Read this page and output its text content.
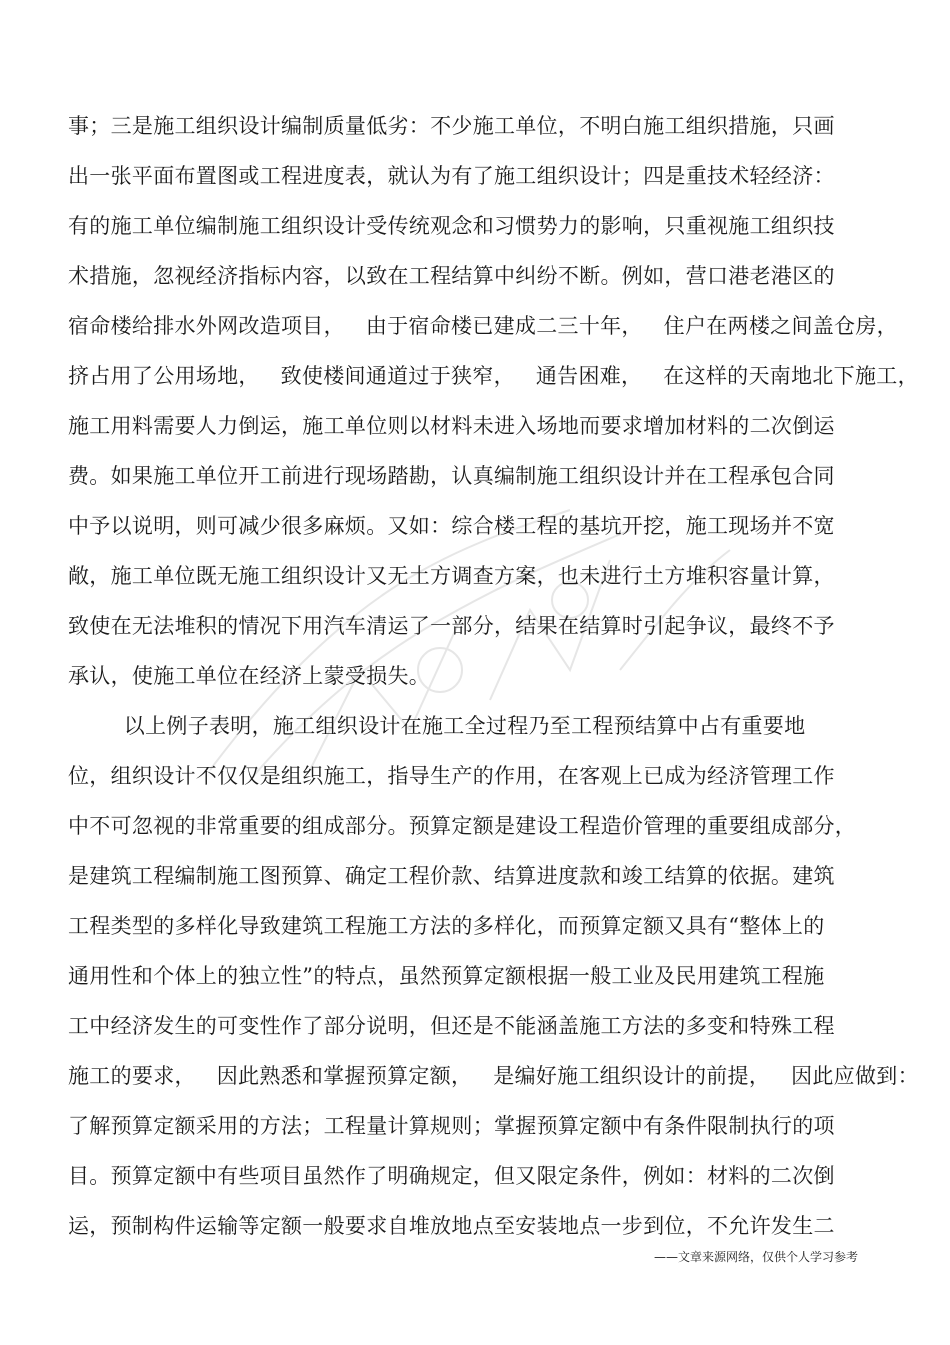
事；三是施工组织设计编制质量低劣：不少施工单位，不明白施工组织措施，只画
出一张平面布置图或工程进度表，就认为有了施工组织设计；四是重技术轻经济：
有的施工单位编制施工组织设计受传统观念和习惯势力的影响，只重视施工组织技
术措施，忽视经济指标内容，以致在工程结算中纠纷不断。例如，营口港老港区的
宿命楼给排水外网改造项目，   由于宿命楼已建成二三十年，   住户在两楼之间盖仓房，
挤占用了公用场地，   致使楼间通道过于狭窄，   通告困难，   在这样的天南地北下施工，
施工用料需要人力倒运，施工单位则以材料未进入场地而要求增加材料的二次倒运
费。如果施工单位开工前进行现场踏勘，认真编制施工组织设计并在工程承包合同
中予以说明，则可减少很多麻烦。又如：综合楼工程的基坑开挖，施工现场并不宽
敞，施工单位既无施工组织设计又无土方调查方案，也未进行土方堆积容量计算，
致使在无法堆积的情况下用汽车清运了一部分，结果在结算时引起争议，最终不予
承认，使施工单位在经济上蒙受损失。
以上例子表明，施工组织设计在施工全过程乃至工程预结算中占有重要地
位，组织设计不仅仅是组织施工，指导生产的作用，在客观上已成为经济管理工作
中不可忽视的非常重要的组成部分。预算定额是建设工程造价管理的重要组成部分，
是建筑工程编制施工图预算、确定工程价款、结算进度款和竣工结算的依据。建筑
工程类型的多样化导致建筑工程施工方法的多样化，而预算定额又具有“整体上的
通用性和个体上的独立性”的特点，虽然预算定额根据一般工业及民用建筑工程施
工中经济发生的可变性作了部分说明，但还是不能涵盖施工方法的多变和特殊工程
施工的要求，   因此熟悉和掌握预算定额，   是编好施工组织设计的前提，   因此应做到：
了解预算定额采用的方法；工程量计算规则；掌握预算定额中有条件限制执行的项
目。预算定额中有些项目虽然作了明确规定，但又限定条件，例如：材料的二次倒
运，预制构件运输等定额一般要求自堆放地点至安装地点一步到位，不允许发生二
——文章来源网络，仅供个人学习参考
